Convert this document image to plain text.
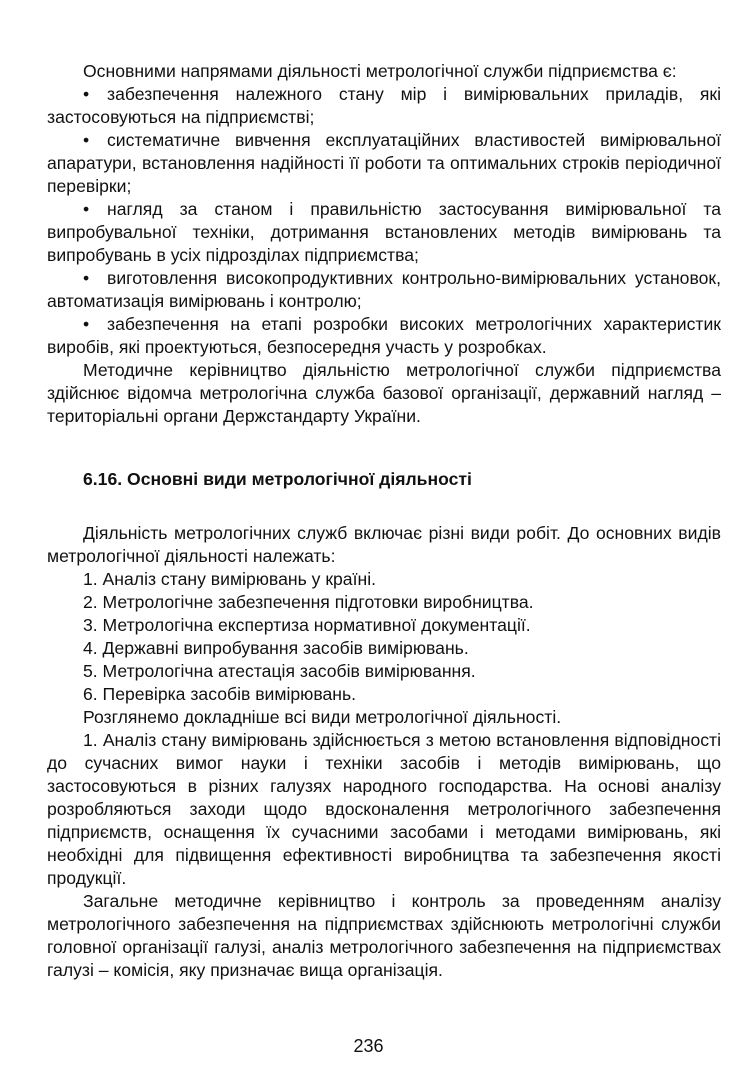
Основними напрямами діяльності метрологічної служби підприємства є:

• забезпечення належного стану мір і вимірювальних приладів, які застосовуються на підприємстві;

• систематичне вивчення експлуатаційних властивостей вимірювальної апаратури, встановлення надійності її роботи та оптимальних строків періодичної перевірки;

• нагляд за станом і правильністю застосування вимірювальної та випробувальної техніки, дотримання встановлених методів вимірювань та випробувань в усіх підрозділах підприємства;

• виготовлення високопродуктивних контрольно-вимірювальних установок, автоматизація вимірювань і контролю;

• забезпечення на етапі розробки високих метрологічних характеристик виробів, які проектуються, безпосередня участь у розробках.

Методичне керівництво діяльністю метрологічної служби підприємства здійснює відомча метрологічна служба базової організації, державний нагляд – територіальні органи Держстандарту України.

6.16. Основні види метрологічної діяльності

Діяльність метрологічних служб включає різні види робіт. До основних видів метрологічної діяльності належать:

1. Аналіз стану вимірювань у країні.

2. Метрологічне забезпечення підготовки виробництва.

3. Метрологічна експертиза нормативної документації.

4. Державні випробування засобів вимірювань.

5. Метрологічна атестація засобів вимірювання.

6. Перевірка засобів вимірювань.

Розглянемо докладніше всі види метрологічної діяльності.

1. Аналіз стану вимірювань здійснюється з метою встановлення відповідності до сучасних вимог науки і техніки засобів і методів вимірювань, що застосовуються в різних галузях народного господарства. На основі аналізу розробляються заходи щодо вдосконалення метрологічного забезпечення підприємств, оснащення їх сучасними засобами і методами вимірювань, які необхідні для підвищення ефективності виробництва та забезпечення якості продукції.

Загальне методичне керівництво і контроль за проведенням аналізу метрологічного забезпечення на підприємствах здійснюють метрологічні служби головної організації галузі, аналіз метрологічного забезпечення на підприємствах галузі – комісія, яку призначає вища організація.

236
